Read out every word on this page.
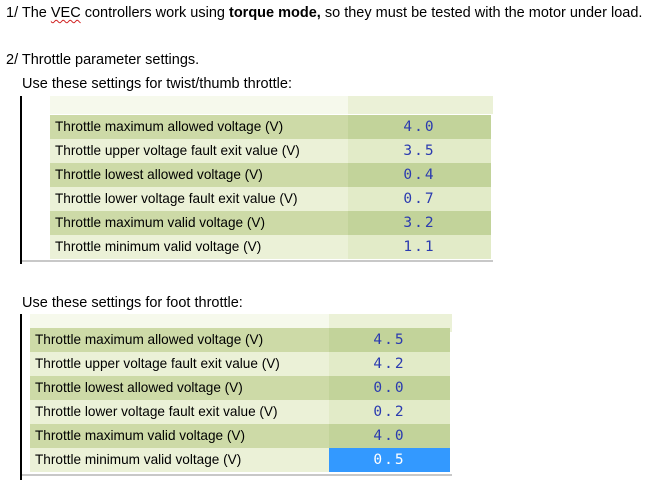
1/ The VEC controllers work using torque mode, so they must be tested with the motor under load.
2/ Throttle parameter settings.
Use these settings for twist/thumb throttle:
Throttle maximum allowed voltage (V)	4.0
Throttle upper voltage fault exit value (V)	3.5
Throttle lowest allowed voltage (V)	0.4
Throttle lower voltage fault exit value (V)	0.7
Throttle maximum valid voltage (V)	3.2
Throttle minimum valid voltage (V)	1.1
Use these settings for foot throttle:
Throttle maximum allowed voltage (V)	4.5
Throttle upper voltage fault exit value (V)	4.2
Throttle lowest allowed voltage (V)	0.0
Throttle lower voltage fault exit value (V)	0.2
Throttle maximum valid voltage (V)	4.0
Throttle minimum valid voltage (V)	0.5
